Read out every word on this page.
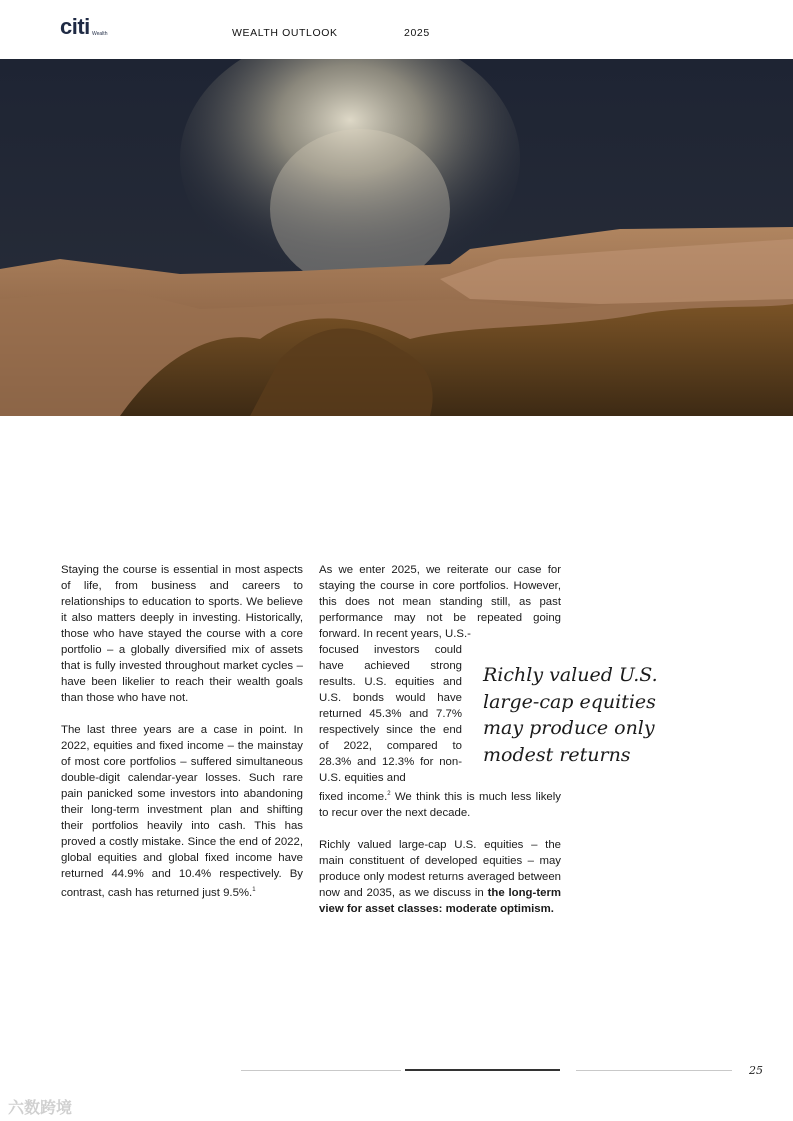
citi Wealth	WEALTH OUTLOOK	2025

Staying the course is essential in most aspects of life, from business and careers to relationships to education to sports. We believe it also matters deeply in investing. Historically, those who have stayed the course with a core portfolio – a globally diversified mix of assets that is fully invested throughout market cycles – have been likelier to reach their wealth goals than those who have not.

The last three years are a case in point. In 2022, equities and fixed income – the mainstay of most core portfolios – suffered simultaneous double-digit calendar-year losses. Such rare pain panicked some investors into abandoning their long-term investment plan and shifting their portfolios heavily into cash. This has proved a costly mistake. Since the end of 2022, global equities and global fixed income have returned 44.9% and 10.4% respectively. By contrast, cash has returned just 9.5%.$^1$

As we enter 2025, we reiterate our case for staying the course in core portfolios. However, this does not mean standing still, as past performance may not be repeated going forward. In recent years, U.S.-
focused investors could have achieved strong results. U.S. equities and U.S. bonds would have returned 45.3% and 7.7% respectively since the end of 2022, compared to 28.3% and 12.3% for non-U.S. equities and

fixed income.$^2$ We think this is much less likely to recur over the next decade.

Richly valued large-cap U.S. equities – the main constituent of developed equities – may produce only modest returns averaged between now and 2035, as we discuss in the long-term view for asset classes: moderate optimism.

Richly valued U.S. large-cap equities may produce only modest returns
25
六数跨境
